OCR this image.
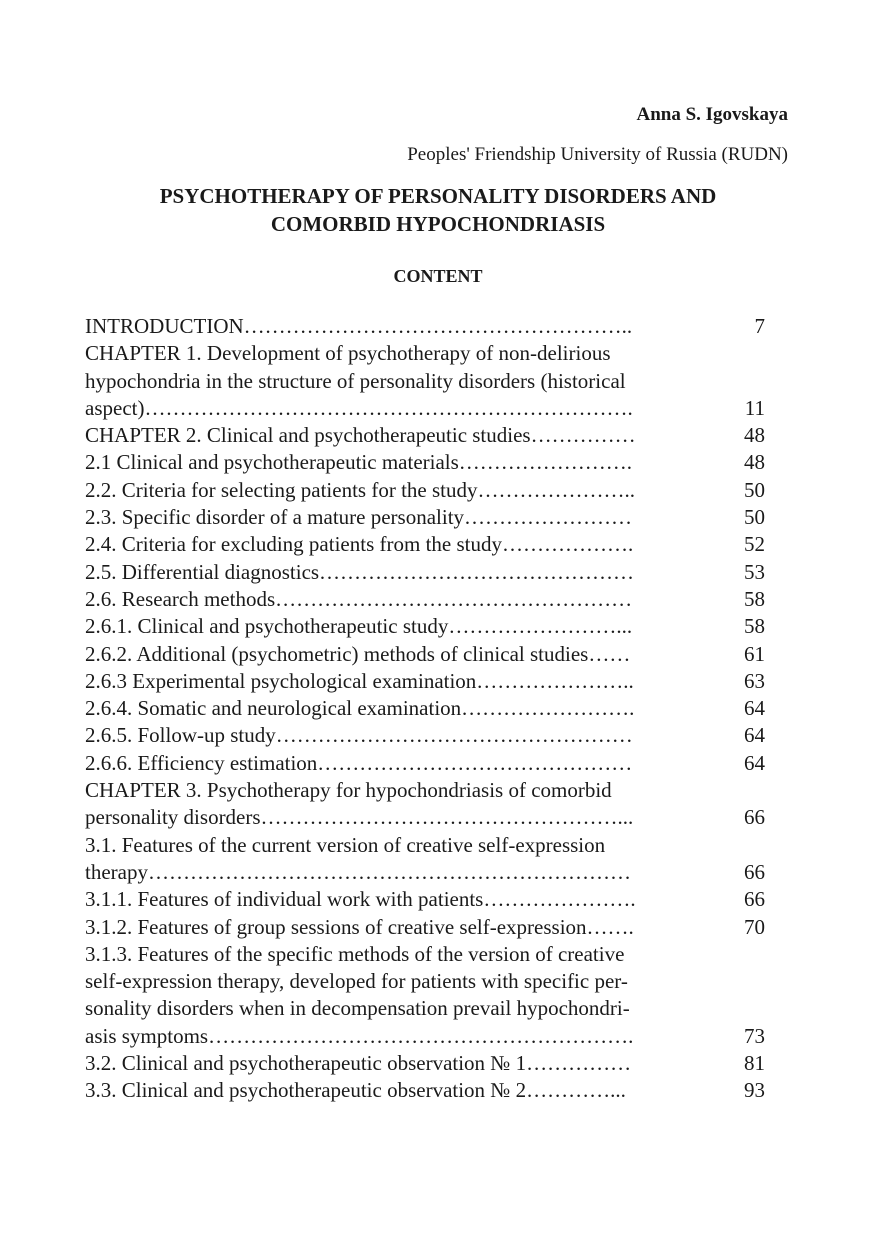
Anna S. Igovskaya
Peoples' Friendship University of Russia (RUDN)
PSYCHOTHERAPY OF PERSONALITY DISORDERS AND
COMORBID HYPOCHONDRIASIS
CONTENT
INTRODUCTION………………………………………………..	7
CHAPTER 1. Development of psychotherapy of non-delirious
hypochondria in the structure of personality disorders (historical
aspect)…………………………………………………………….	11
CHAPTER 2. Clinical and psychotherapeutic studies……………	48
2.1 Clinical and psychotherapeutic materials…………………….	48
2.2. Criteria for selecting patients for the study…………………..	50
2.3. Specific disorder of a mature personality……………………	50
2.4. Criteria for excluding patients from the study……………….	52
2.5. Differential diagnostics………………………………………	53
2.6. Research methods……………………………………………	58
2.6.1. Clinical and psychotherapeutic study……………………...	58
2.6.2. Additional (psychometric) methods of clinical studies……	61
2.6.3 Experimental psychological examination…………………..	63
2.6.4. Somatic and neurological examination…………………….	64
2.6.5. Follow-up study……………………………………………	64
2.6.6. Efficiency estimation………………………………………	64
CHAPTER 3. Psychotherapy for hypochondriasis of comorbid
personality disorders……………………………………………...	66
3.1. Features of the current version of creative self-expression
therapy……………………………………………………………	66
3.1.1. Features of individual work with patients………………….	66
3.1.2. Features of group sessions of creative self-expression…….	70
3.1.3. Features of the specific methods of the version of creative
self-expression therapy, developed for patients with specific per-
sonality disorders when in decompensation prevail hypochondri-
asis symptoms…………………………………………………….	73
3.2. Clinical and psychotherapeutic observation № 1……………	81
3.3. Clinical and psychotherapeutic observation № 2…………...	93
